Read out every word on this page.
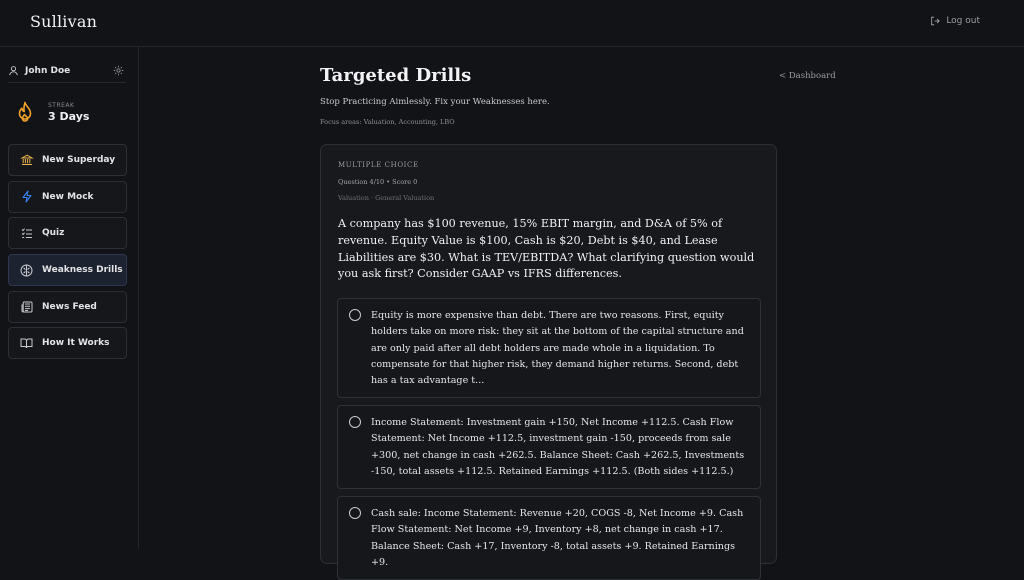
Sullivan	Log out
John Doe
STREAK
3 Days
New Superday
New Mock
Quiz
Weakness Drills
News Feed
How It Works
Targeted Drills	< Dashboard

Stop Practicing Aimlessly. Fix your Weaknesses here.

Focus areas: Valuation, Accounting, LBO

MULTIPLE CHOICE
Question 4/10 • Score 0
Valuation · General Valuation
A company has $100 revenue, 15% EBIT margin, and D&A of 5% of revenue. Equity Value is $100, Cash is $20, Debt is $40, and Lease Liabilities are $30. What is TEV/EBITDA? What clarifying question would you ask first? Consider GAAP vs IFRS differences.
Equity is more expensive than debt. There are two reasons. First, equity holders take on more risk: they sit at the bottom of the capital structure and are only paid after all debt holders are made whole in a liquidation. To compensate for that higher risk, they demand higher returns. Second, debt has a tax advantage t...
Income Statement: Investment gain +150, Net Income +112.5. Cash Flow Statement: Net Income +112.5, investment gain -150, proceeds from sale +300, net change in cash +262.5. Balance Sheet: Cash +262.5, Investments -150, total assets +112.5. Retained Earnings +112.5. (Both sides +112.5.)
Cash sale: Income Statement: Revenue +20, COGS -8, Net Income +9. Cash Flow Statement: Net Income +9, Inventory +8, net change in cash +17. Balance Sheet: Cash +17, Inventory -8, total assets +9. Retained Earnings +9.
